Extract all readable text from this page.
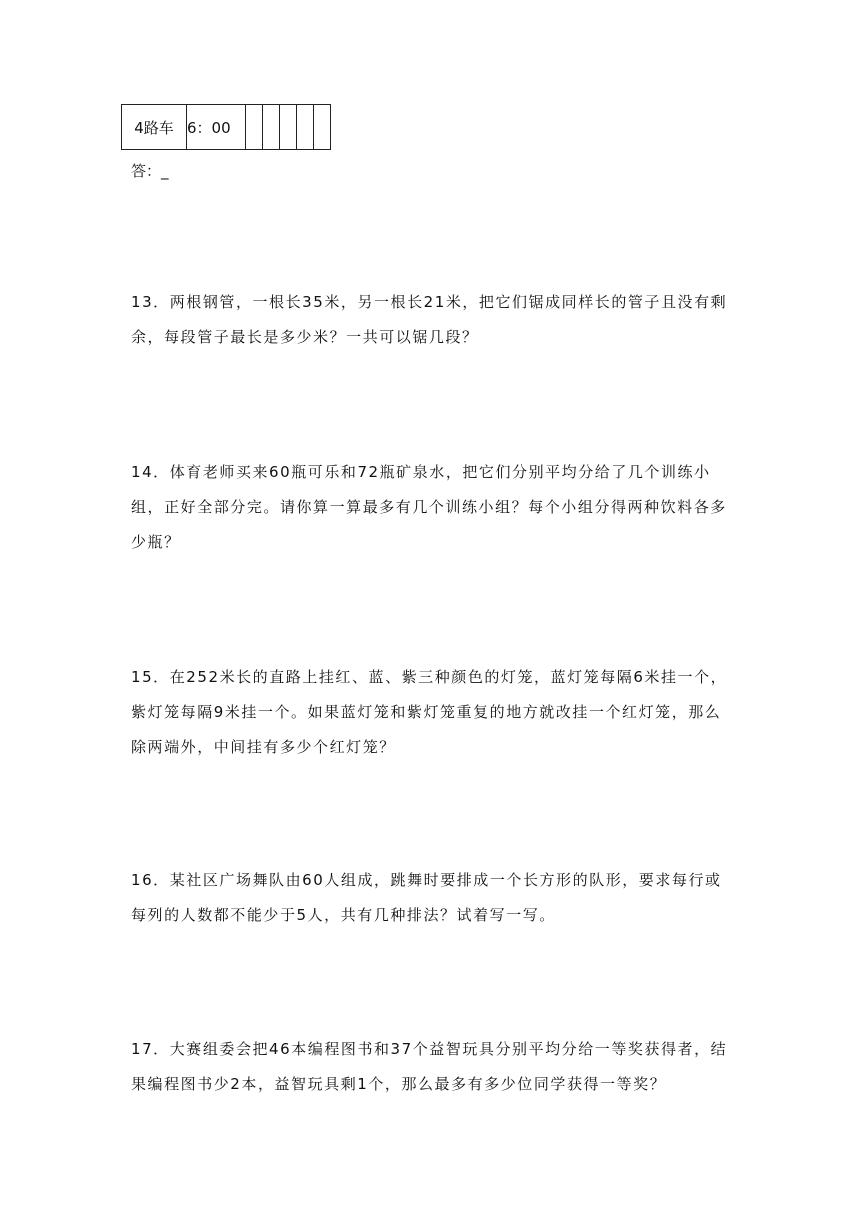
4路车	6：00					
答：_
13．两根钢管，一根长35米，另一根长21米，把它们锯成同样长的管子且没有剩余，每段管子最长是多少米？一共可以锯几段？
14．体育老师买来60瓶可乐和72瓶矿泉水，把它们分别平均分给了几个训练小组，正好全部分完。请你算一算最多有几个训练小组？每个小组分得两种饮料各多少瓶？
15．在252米长的直路上挂红、蓝、紫三种颜色的灯笼，蓝灯笼每隔6米挂一个，紫灯笼每隔9米挂一个。如果蓝灯笼和紫灯笼重复的地方就改挂一个红灯笼，那么除两端外，中间挂有多少个红灯笼？
16．某社区广场舞队由60人组成，跳舞时要排成一个长方形的队形，要求每行或每列的人数都不能少于5人，共有几种排法？试着写一写。
17．大赛组委会把46本编程图书和37个益智玩具分别平均分给一等奖获得者，结果编程图书少2本，益智玩具剩1个，那么最多有多少位同学获得一等奖？
